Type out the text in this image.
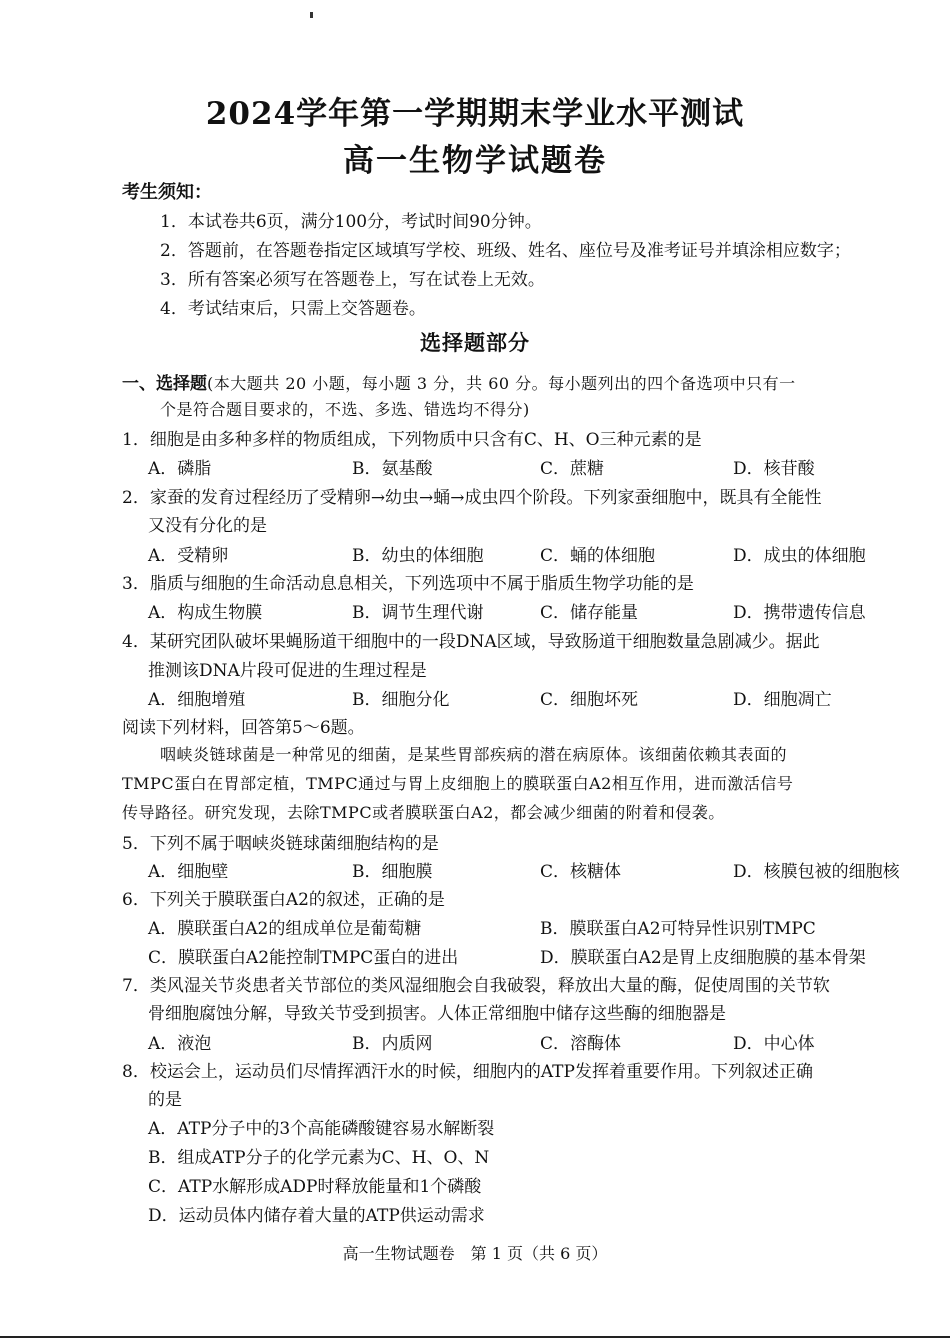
2024学年第一学期期末学业水平测试
高一生物学试题卷
考生须知：
1．本试卷共6页，满分100分，考试时间90分钟。
2．答题前，在答题卷指定区域填写学校、班级、姓名、座位号及准考证号并填涂相应数字；
3．所有答案必须写在答题卷上，写在试卷上无效。
4．考试结束后，只需上交答题卷。
选择题部分
一、选择题(本大题共 20 小题，每小题 3 分，共 60 分。每小题列出的四个备选项中只有一
个是符合题目要求的，不选、多选、错选均不得分)
1．细胞是由多种多样的物质组成，下列物质中只含有C、H、O三种元素的是
A．磷脂	B．氨基酸	C．蔗糖	D．核苷酸
2．家蚕的发育过程经历了受精卵→幼虫→蛹→成虫四个阶段。下列家蚕细胞中，既具有全能性
又没有分化的是
A．受精卵	B．幼虫的体细胞	C．蛹的体细胞	D．成虫的体细胞
3．脂质与细胞的生命活动息息相关，下列选项中不属于脂质生物学功能的是
A．构成生物膜	B．调节生理代谢	C．储存能量	D．携带遗传信息
4．某研究团队破坏果蝇肠道干细胞中的一段DNA区域，导致肠道干细胞数量急剧减少。据此
推测该DNA片段可促进的生理过程是
A．细胞增殖	B．细胞分化	C．细胞坏死	D．细胞凋亡
阅读下列材料，回答第5～6题。
咽峡炎链球菌是一种常见的细菌，是某些胃部疾病的潜在病原体。该细菌依赖其表面的
TMPC蛋白在胃部定植，TMPC通过与胃上皮细胞上的膜联蛋白A2相互作用，进而激活信号
传导路径。研究发现，去除TMPC或者膜联蛋白A2，都会减少细菌的附着和侵袭。
5．下列不属于咽峡炎链球菌细胞结构的是
A．细胞壁	B．细胞膜	C．核糖体	D．核膜包被的细胞核
6．下列关于膜联蛋白A2的叙述，正确的是
A．膜联蛋白A2的组成单位是葡萄糖	B．膜联蛋白A2可特异性识别TMPC
C．膜联蛋白A2能控制TMPC蛋白的进出	D．膜联蛋白A2是胃上皮细胞膜的基本骨架
7．类风湿关节炎患者关节部位的类风湿细胞会自我破裂，释放出大量的酶，促使周围的关节软
骨细胞腐蚀分解，导致关节受到损害。人体正常细胞中储存这些酶的细胞器是
A．液泡	B．内质网	C．溶酶体	D．中心体
8．校运会上，运动员们尽情挥洒汗水的时候，细胞内的ATP发挥着重要作用。下列叙述正确
的是
A．ATP分子中的3个高能磷酸键容易水解断裂
B．组成ATP分子的化学元素为C、H、O、N
C．ATP水解形成ADP时释放能量和1个磷酸
D．运动员体内储存着大量的ATP供运动需求
高一生物试题卷　第 1 页（共 6 页）
